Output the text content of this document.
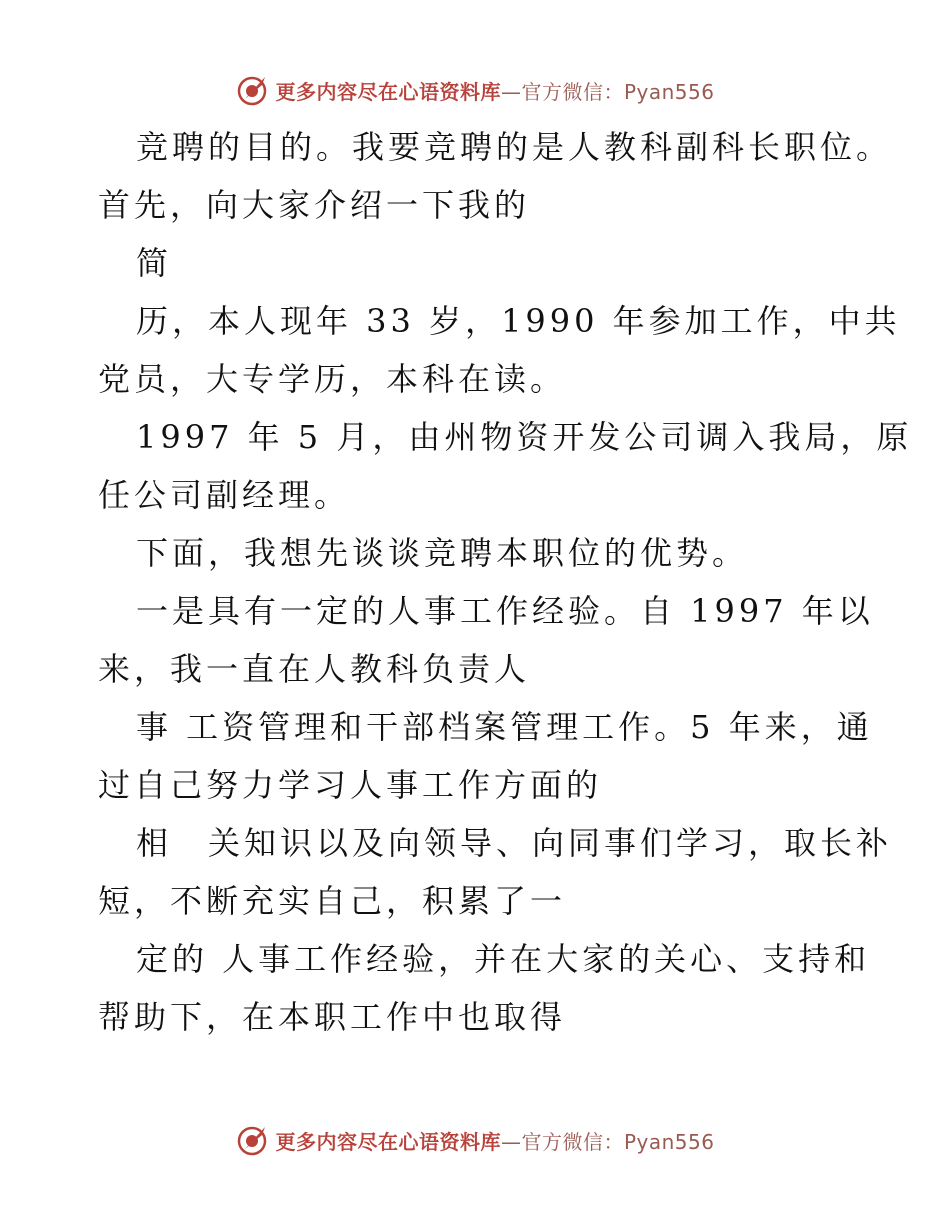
更多内容尽在心语资料库—官方微信：Pyan556
竞聘的目的。我要竞聘的是人教科副科长职位。
首先，向大家介绍一下我的
简
历，本人现年 33 岁，1990 年参加工作，中共
党员，大专学历，本科在读。
1997 年 5 月，由州物资开发公司调入我局，原
任公司副经理。
下面，我想先谈谈竞聘本职位的优势。
一是具有一定的人事工作经验。自 1997 年以
来，我一直在人教科负责人
事 工资管理和干部档案管理工作。5 年来，通
过自己努力学习人事工作方面的
相　关知识以及向领导、向同事们学习，取长补
短，不断充实自己，积累了一
定的 人事工作经验，并在大家的关心、支持和
帮助下，在本职工作中也取得
更多内容尽在心语资料库—官方微信：Pyan556
